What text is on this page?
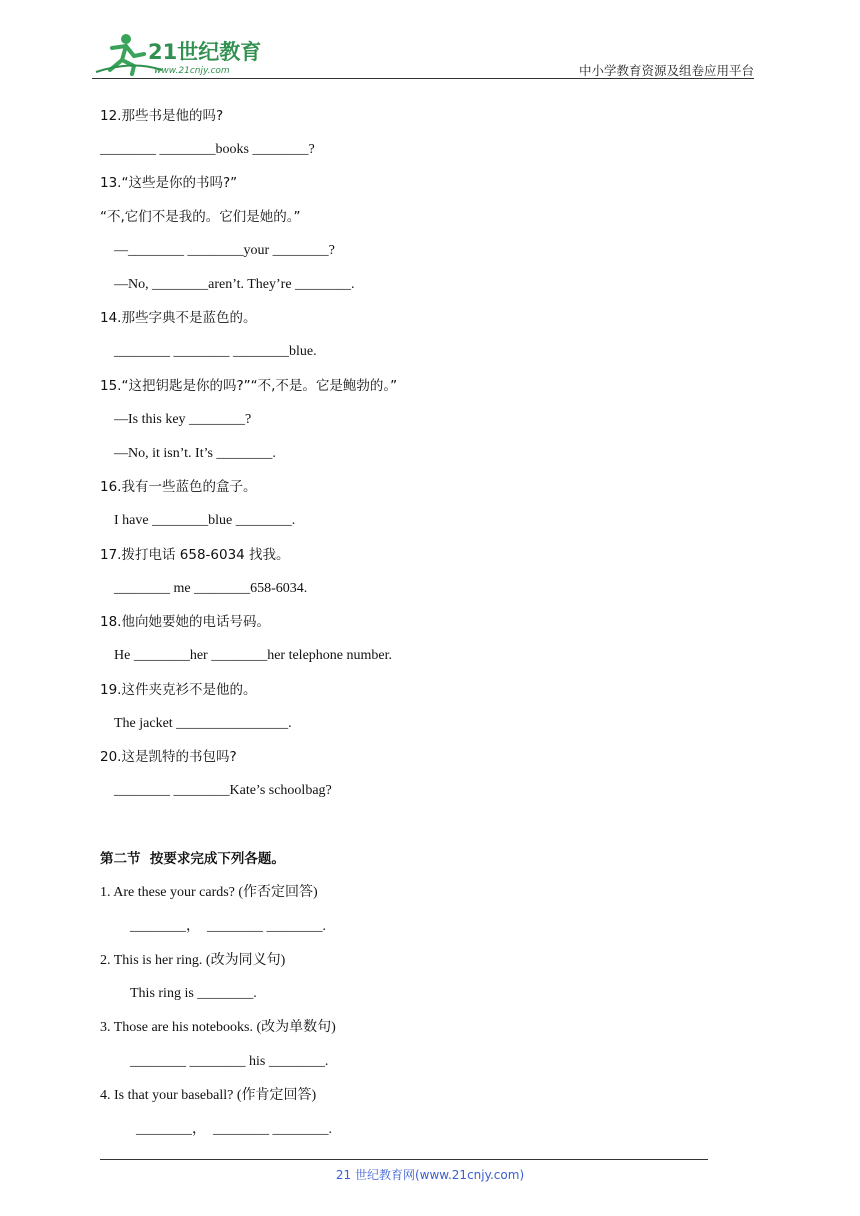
21世纪教育
www.21cnjy.com	中小学教育资源及组卷应用平台
12.那些书是他的吗?
________ ________books ________?
13.“这些是你的书吗?”
“不,它们不是我的。它们是她的。”
—________ ________your ________?
—No, ________aren’t. They’re ________.
14.那些字典不是蓝色的。
________ ________ ________blue.
15.“这把钥匙是你的吗?”“不,不是。它是鲍勃的。”
—Is this key ________?
—No, it isn’t. It’s ________.
16.我有一些蓝色的盒子。
I have ________blue ________.
17.拨打电话 658-6034 找我。
________ me ________658-6034.
18.他向她要她的电话号码。
He ________her ________her telephone number.
19.这件夹克衫不是他的。
The jacket ________________.
20.这是凯特的书包吗?
________ ________Kate’s schoolbag?
第二节  按要求完成下列各题。
1. Are these your cards? (作否定回答)
________，  ________ ________.
2. This is her ring. (改为同义句)
This ring is ________.
3. Those are his notebooks. (改为单数句)
________ ________ his ________.
4. Is that your baseball? (作肯定回答)
________，  ________ ________.
21 世纪教育网(www.21cnjy.com)
